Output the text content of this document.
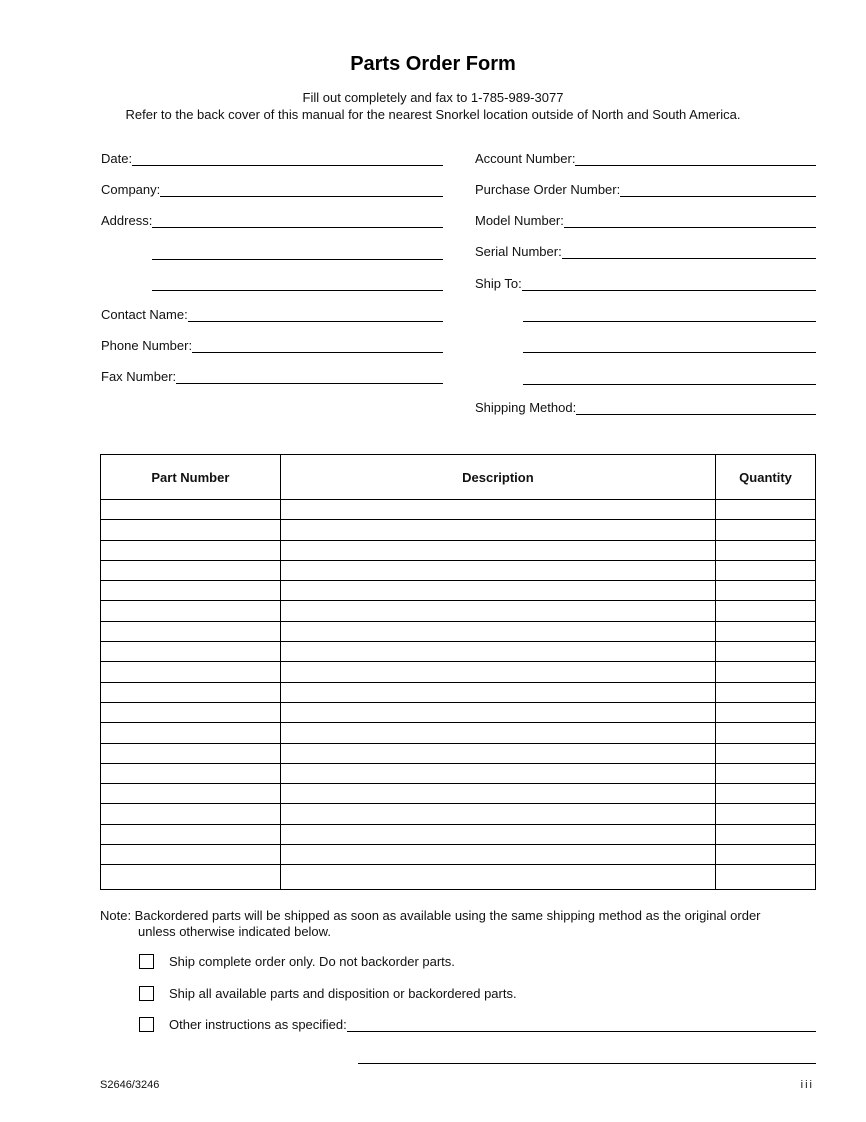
Parts Order Form
Fill out completely and fax to 1-785-989-3077
Refer to the back cover of this manual for the nearest Snorkel location outside of North and South America.
Date:
Company:
Address:
Contact Name:
Phone Number:
Fax Number:
Account Number:
Purchase Order Number:
Model Number:
Serial Number:
Ship To:
Shipping Method:
Part Number	Description	Quantity

Note: Backordered parts will be shipped as soon as available using the same shipping method as the original order
unless otherwise indicated below.
Ship complete order only. Do not backorder parts.
Ship all available parts and disposition or backordered parts.
Other instructions as specified:
S2646/3246	iii
